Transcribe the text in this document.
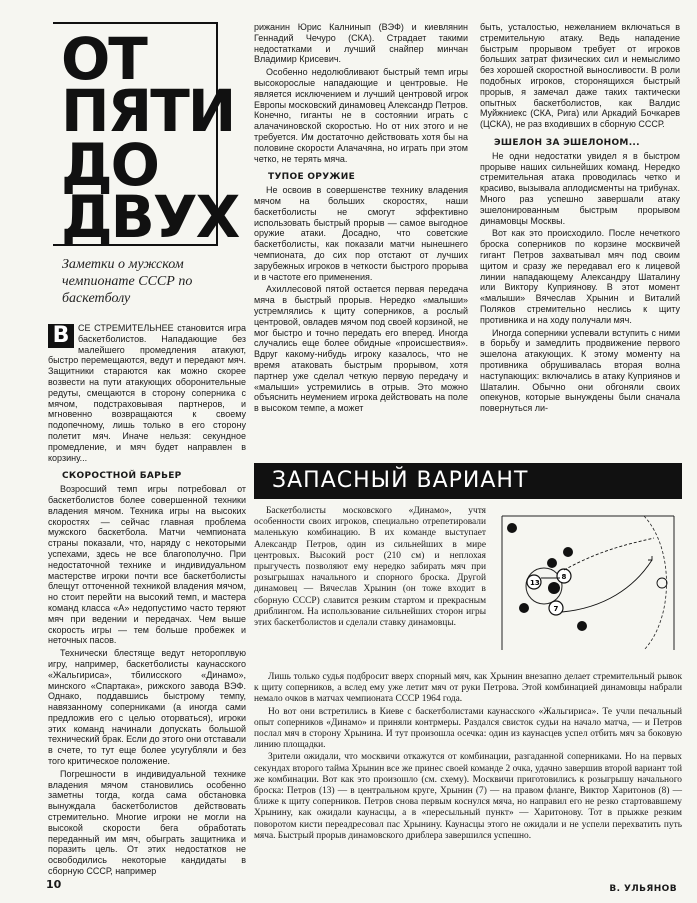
ОТ
ПЯТИ
ДО
ДВУХ
Заметки о мужском чемпионате СССР по баскетболу

В СЕ СТРЕМИТЕЛЬНЕЕ становится игра баскетболистов. Нападающие без малейшего промедления атакуют, быстро перемещаются, ведут и передают мяч. Защитники стараются как можно скорее возвести на пути атакующих оборонительные редуты, смещаются в сторону соперника с мячом, подстраховывая партнеров, и мгновенно возвращаются к своему подопечному, лишь только в его сторону полетит мяч. Иначе нельзя: секундное промедление, и мяч будет направлен в корзину...

СКОРОСТНОЙ БАРЬЕР

Возросший темп игры потребовал от баскетболистов более совершенной техники владения мячом. Техника игры на высоких скоростях — сейчас главная проблема мужского баскетбола. Матчи чемпионата страны показали, что, наряду с некоторыми успехами, здесь не все благополучно. При недостаточной технике и индивидуальном мастерстве игроки почти все баскетболисты блещут отточенной техникой владения мячом, но стоит перейти на высокий темп, и мастера команд класса «А» недопустимо часто теряют мяч при ведении и передачах. Чем выше скорость игры — тем больше пробежек и неточных пасов.

Технически блестяще ведут нетороплвую игру, например, баскетболисты каунасского «Жальгириса», тбилисского «Динамо», минского «Спартака», рижского завода ВЭФ. Однако, поддавшись быстрому темпу, навязанному соперниками (а иногда сами предложив его с целью оторваться), игроки этих команд начинали допускать большой технический брак. Если до этого они отставали в счете, то тут еще более усугубляли и без того критическое положение.

Погрешности в индивидуальной технике владения мячом становились особенно заметны тогда, когда сама обстановка вынуждала баскетболистов действовать стремительно. Многие игроки не могли на высокой скорости бега обработать переданный им мяч, обыграть защитника и поразить цель. От этих недостатков не освободились некоторые кандидаты в сборную СССР, например

рижанин Юрис Калнинып (ВЭФ) и киевлянин Геннадий Чечуро (СКА). Страдает такими недостатками и лучший снайпер минчан Владимир Крисевич.

Особенно недолюбливают быстрый темп игры высокорослые нападающие и центровые. Не является исключением и лучший центровой игрок Европы московский динамовец Александр Петров. Конечно, гиганты не в состоянии играть с алачачиновской скоростью. Но от них этого и не требуется. Им достаточно действовать хотя бы на половине скорости Алачачяна, но играть при этом четко, не терять мяча.

ТУПОЕ ОРУЖИЕ

Не освоив в совершенстве технику владения мячом на больших скоростях, наши баскетболисты не смогут эффективно использовать быстрый прорыв — самое выгодное оружие атаки. Досадно, что советские баскетболисты, как показали матчи нынешнего чемпионата, до сих пор отстают от лучших зарубежных игроков в четкости быстрого прорыва и в частоте его применения.

Ахиллесовой пятой остается первая передача мяча в быстрый прорыв. Нередко «малыши» устремлялись к щиту соперников, а рослый центровой, овладев мячом под своей корзиной, не мог быстро и точно передать его вперед. Иногда случались еще более обидные «происшествия». Вдруг какому-нибудь игроку казалось, что не время атаковать быстрым прорывом, хотя партнер уже сделал четкую первую передачу и «малыши» устремились в отрыв. Это можно объяснить неумением игрока действовать на поле в высоком темпе, а может

быть, усталостью, нежеланием включаться в стремительную атаку. Ведь нападение быстрым прорывом требует от игроков больших затрат физических сил и немыслимо без хорошей скоростной выносливости. В роли подобных игроков, сторонящихся быстрый прорыв, я замечал даже таких тактически опытных баскетболистов, как Валдис Муйжниекс (СКА, Рига) или Аркадий Бочкарев (ЦСКА), не раз входивших в сборную СССР.

ЭШЕЛОН ЗА ЭШЕЛОНОМ...

Не одни недостатки увидел я в быстром прорыве наших сильнейших команд. Нередко стремительная атака проводилась четко и красиво, вызывала аплодисменты на трибунах. Много раз успешно завершали атаку эшелонированным быстрым прорывом динамовцы Москвы.

Вот как это происходило. После нечеткого броска соперников по корзине москвичей гигант Петров захватывал мяч под своим щитом и сразу же передавал его к лицевой линии нападающему Александру Шаталину или Виктору Куприянову. В этот момент «малыши» Вячеслав Хрынин и Виталий Поляков стремительно неслись к щиту противника и на ходу получали мяч.

Иногда соперники успевали вступить с ними в борьбу и замедлить продвижение первого эшелона атакующих. К этому моменту на противника обрушивалась вторая волна наступающих: включались в атаку Куприянов и Шаталин. Обычно они обгоняли своих опекунов, которые вынуждены были сначала повернуться ли-

ЗАПАСНЫЙ ВАРИАНТ

Баскетболисты московского «Динамо», учтя особенности своих игроков, специально отрепетировали маленькую комбинацию. В их команде выступает Александр Петров, один из сильнейших в мире центровых. Высокий рост (210 см) и неплохая прыгучесть позволяют ему нередко забирать мяч при розыгрышах начального и спорного броска. Другой динамовец — Вячеслав Хрынин (он тоже входит в сборную СССР) славится резким стартом и прекрасным дриблингом. На использование сильнейших сторон игры этих баскетболистов и сделали ставку динамовцы.

13
8
7

Лишь только судья подбросит вверх спорный мяч, как Хрынин внезапно делает стремительный рывок к щиту соперников, а вслед ему уже летит мяч от руки Петрова. Этой комбинацией динамовцы набрали немало очков в матчах чемпионата СССР 1964 года.

Но вот они встретились в Киеве с баскетболистами каунасского «Жальгириса». Те учли печальный опыт соперников «Динамо» и приняли контрмеры. Раздался свисток судьи на начало матча, — и Петров послал мяч в сторону Хрынина. И тут произошла осечка: один из каунасцев успел отбить мяч за боковую линию площадки.

Зрители ожидали, что москвичи откажутся от комбинации, разгаданной соперниками. Но на первых секундах второго тайма Хрынин все же принес своей команде 2 очка, удачно завершив второй вариант той же комбинации. Вот как это произошло (см. схему). Москвичи приготовились к розыгрышу начального броска: Петров (13) — в центральном круге, Хрынин (7) — на правом фланге, Виктор Харитонов (8) — ближе к щиту соперников. Петров снова первым коснулся мяча, но направил его не резко стартовавшему Хрынину, как ожидали каунасцы, а в «пересыльный пункт» — Харитонову. Тот в прыжке резким поворотом кисти переадресовал пас Хрынину. Каунасцы этого не ожидали и не успели перехватить путь мяча. Быстрый прорыв динамовского дриблера завершился успешно.

В. УЛЬЯНОВ
10
